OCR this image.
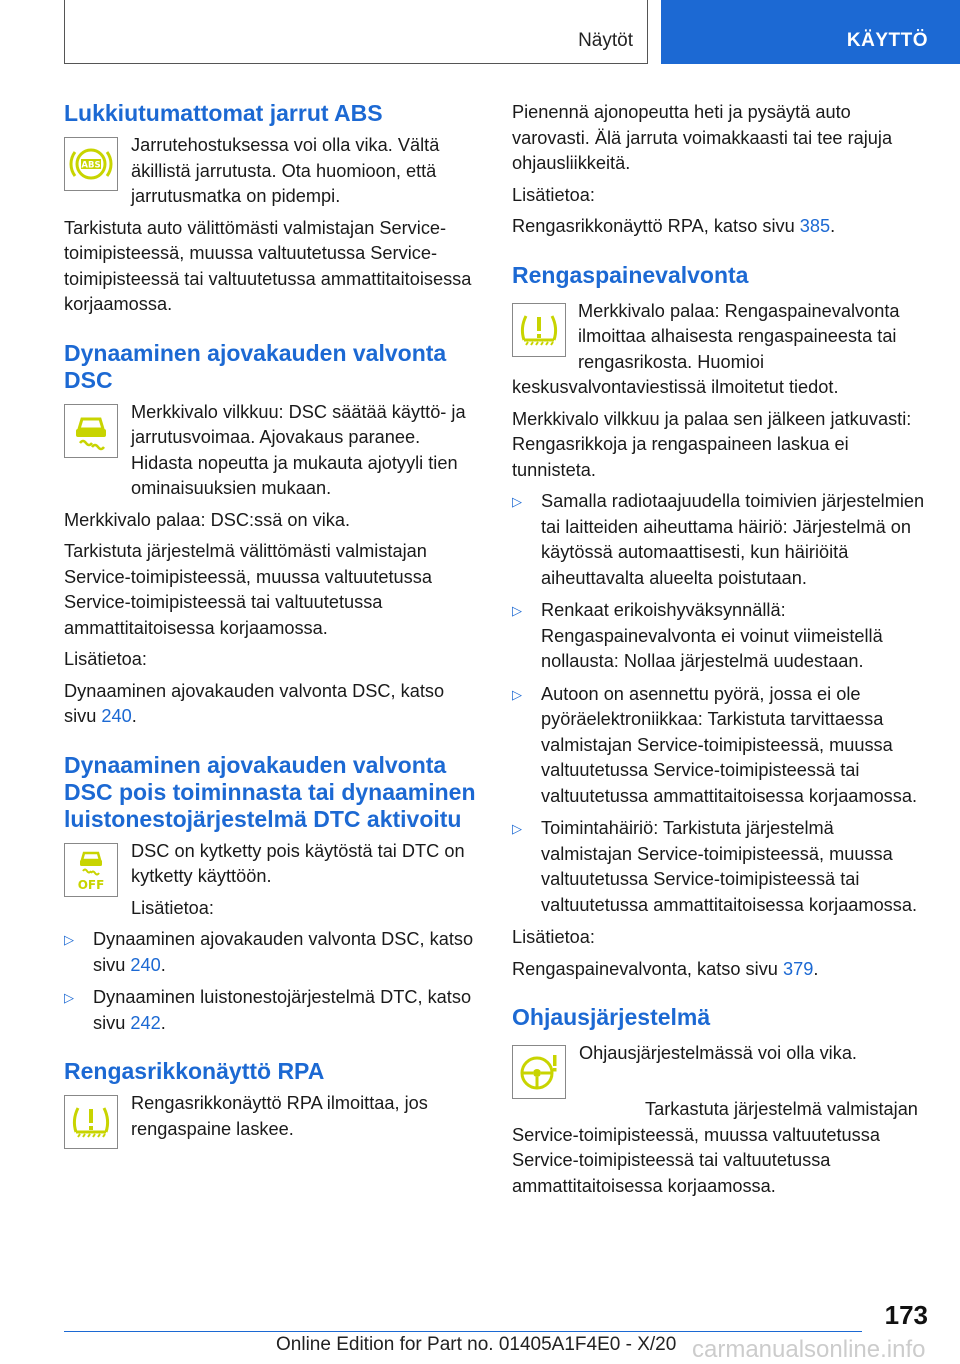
Näytöt	KÄYTTÖ
Lukkiutumattomat jarrut ABS
ABS

Jarrutehostuksessa voi olla vika. Vältä äkillistä jarrutusta. Ota huomioon, että jarrutusmatka on pidempi.

Tarkistuta auto välittömästi valmistajan Service-toimipisteessä, muussa valtuutetussa Service-toimipisteessä tai valtuutetussa ammattitaitoisessa korjaamossa.

Dynaaminen ajovakauden valvonta DSC

Merkkivalo vilkkuu: DSC säätää käyttö- ja jarrutusvoimaa. Ajovakaus paranee. Hidasta nopeutta ja mukauta ajotyyli tien ominaisuuksien mukaan.

Merkkivalo palaa: DSC:ssä on vika.

Tarkistuta järjestelmä välittömästi valmistajan Service-toimipisteessä, muussa valtuutetussa Service-toimipisteessä tai valtuutetussa ammattitaitoisessa korjaamossa.

Lisätietoa:

Dynaaminen ajovakauden valvonta DSC, katso sivu 240.

Dynaaminen ajovakauden valvonta DSC pois toiminnasta tai dynaaminen luistonestojärjestelmä DTC aktivoitu
OFF

DSC on kytketty pois käytöstä tai DTC on kytketty käyttöön.

Lisätietoa:

▷ Dynaaminen ajovakauden valvonta DSC, katso sivu 240.
▷ Dynaaminen luistonestojärjestelmä DTC, katso sivu 242.
Rengasrikkonäyttö RPA

Rengasrikkonäyttö RPA ilmoittaa, jos rengaspaine laskee.

Pienennä ajonopeutta heti ja pysäytä auto varovasti. Älä jarruta voimakkaasti tai tee rajuja ohjausliikkeitä.

Lisätietoa:

Rengasrikkonäyttö RPA, katso sivu 385.

Rengaspainevalvonta

Merkkivalo palaa: Rengaspainevalvonta ilmoittaa alhaisesta rengaspaineesta tai rengasrikosta. Huomioi keskusvalvontaviestissä ilmoitetut tiedot.

Merkkivalo vilkkuu ja palaa sen jälkeen jatkuvasti: Rengasrikkoja ja rengaspaineen laskua ei tunnisteta.

▷ Samalla radiotaajuudella toimivien järjestelmien tai laitteiden aiheuttama häiriö: Järjestelmä on käytössä automaattisesti, kun häiriöitä aiheuttavalta alueelta poistutaan.
▷ Renkaat erikoishyväksynnällä: Rengaspainevalvonta ei voinut viimeistellä nollausta: Nollaa järjestelmä uudestaan.
▷ Autoon on asennettu pyörä, jossa ei ole pyöräelektroniikkaa: Tarkistuta tarvittaessa valmistajan Service-toimipisteessä, muussa valtuutetussa Service-toimipisteessä tai valtuutetussa ammattitaitoisessa korjaamossa.
▷ Toimintahäiriö: Tarkistuta järjestelmä valmistajan Service-toimipisteessä, muussa valtuutetussa Service-toimipisteessä tai valtuutetussa ammattitaitoisessa korjaamossa.

Lisätietoa:

Rengaspainevalvonta, katso sivu 379.

Ohjausjärjestelmä

Ohjausjärjestelmässä voi olla vika.

Tarkastuta järjestelmä valmistajan Service-toimipisteessä, muussa valtuutetussa Service-toimipisteessä tai valtuutetussa ammattitaitoisessa korjaamossa.

173
Online Edition for Part no. 01405A1F4E0 - X/20 carmanualsonline.info
